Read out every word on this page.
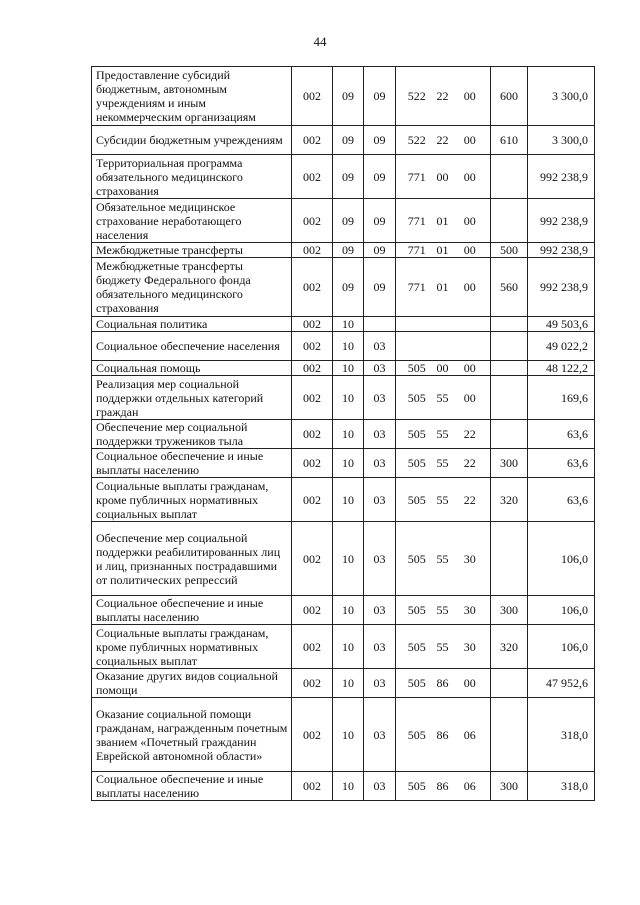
44
Предоставление субсидий бюджетным, автономным учреждениям и иным некоммерческим организациям	002	09	09	522	22	00	600	3 300,0
Субсидии бюджетным учреждениям	002	09	09	522	22	00	610	3 300,0
Территориальная программа обязательного медицинского страхования	002	09	09	771	00	00		992 238,9
Обязательное медицинское страхование неработающего населения	002	09	09	771	01	00		992 238,9
Межбюджетные трансферты	002	09	09	771	01	00	500	992 238,9
Межбюджетные трансферты бюджету Федерального фонда обязательного медицинского страхования	002	09	09	771	01	00	560	992 238,9
Социальная политика	002	10						49 503,6
Социальное обеспечение населения	002	10	03					49 022,2
Социальная помощь	002	10	03	505	00	00		48 122,2
Реализация мер социальной поддержки отдельных категорий граждан	002	10	03	505	55	00		169,6
Обеспечение мер социальной поддержки тружеников тыла	002	10	03	505	55	22		63,6
Социальное обеспечение и иные выплаты населению	002	10	03	505	55	22	300	63,6
Социальные выплаты гражданам, кроме публичных нормативных социальных выплат	002	10	03	505	55	22	320	63,6
Обеспечение мер социальной поддержки реабилитированных лиц и лиц, признанных пострадавшими от политических репрессий	002	10	03	505	55	30		106,0
Социальное обеспечение и иные выплаты населению	002	10	03	505	55	30	300	106,0
Социальные выплаты гражданам, кроме публичных нормативных социальных выплат	002	10	03	505	55	30	320	106,0
Оказание других видов социальной помощи	002	10	03	505	86	00		47 952,6
Оказание социальной помощи гражданам, награжденным почетным званием «Почетный гражданин Еврейской автономной области»	002	10	03	505	86	06		318,0
Социальное обеспечение и иные выплаты населению	002	10	03	505	86	06	300	318,0
